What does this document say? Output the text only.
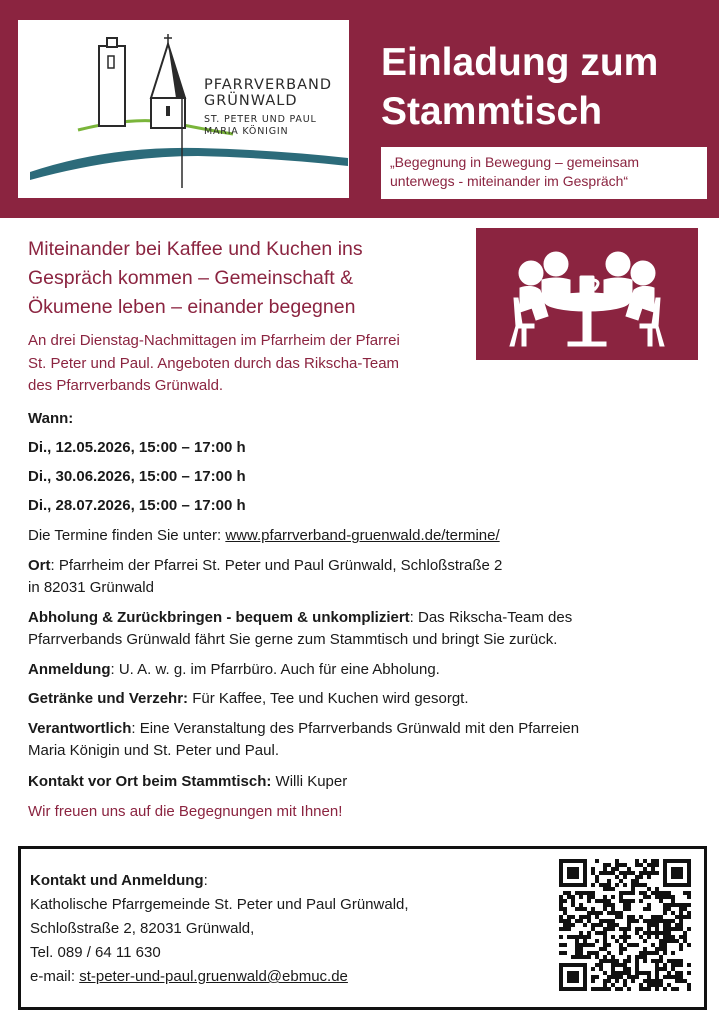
PFARRVERBAND
GRÜNWALD
ST. PETER UND PAUL
MARIA KÖNIGIN
Einladung zum
Stammtisch
„Begegnung in Bewegung – gemeinsam unterwegs - miteinander im Gespräch“
Miteinander bei Kaffee und Kuchen ins
Gespräch kommen – Gemeinschaft &
Ökumene leben – einander begegnen
An drei Dienstag-Nachmittagen im Pfarrheim der Pfarrei
St. Peter und Paul. Angeboten durch das Rikscha-Team
des Pfarrverbands Grünwald.
Wann:
Di., 12.05.2026, 15:00 – 17:00 h
Di., 30.06.2026, 15:00 – 17:00 h
Di., 28.07.2026, 15:00 – 17:00 h
Die Termine finden Sie unter: www.pfarrverband-gruenwald.de/termine/
Ort: Pfarrheim der Pfarrei St. Peter und Paul Grünwald, Schloßstraße 2
in 82031 Grünwald
Abholung & Zurückbringen - bequem & unkompliziert: Das Rikscha-Team des
Pfarrverbands Grünwald fährt Sie gerne zum Stammtisch und bringt Sie zurück.
Anmeldung: U. A. w. g. im Pfarrbüro. Auch für eine Abholung.
Getränke und Verzehr: Für Kaffee, Tee und Kuchen wird gesorgt.
Verantwortlich: Eine Veranstaltung des Pfarrverbands Grünwald mit den Pfarreien
Maria Königin und St. Peter und Paul.
Kontakt vor Ort beim Stammtisch: Willi Kuper
Wir freuen uns auf die Begegnungen mit Ihnen!
Kontakt und Anmeldung:
Katholische Pfarrgemeinde St. Peter und Paul Grünwald,
Schloßstraße 2, 82031 Grünwald,
Tel. 089 / 64 11 630
e-mail: st-peter-und-paul.gruenwald@ebmuc.de
